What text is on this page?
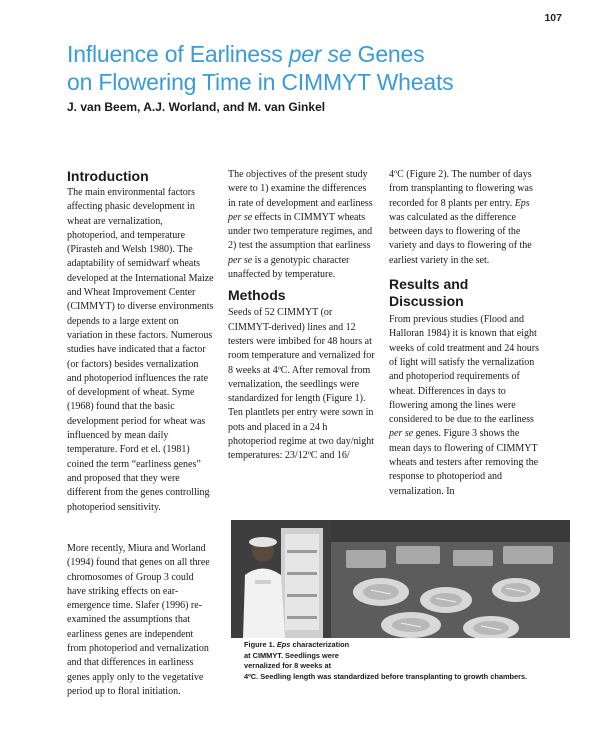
107
Influence of Earliness per se Genes
on Flowering Time in CIMMYT Wheats
J. van Beem, A.J. Worland, and M. van Ginkel
Introduction

The main environmental factors affecting phasic development in wheat are vernalization, photoperiod, and temperature (Pirasteh and Welsh 1980). The adaptability of semidwarf wheats developed at the International Maize and Wheat Improvement Center (CIMMYT) to diverse environments depends to a large extent on variation in these factors. Numerous studies have indicated that a factor (or factors) besides vernalization and photoperiod influences the rate of development of wheat. Syme (1968) found that the basic development period for wheat was influenced by mean daily temperature. Ford et el. (1981) coined the term “earliness genes” and proposed that they were different from the genes controlling photoperiod sensitivity.

More recently, Miura and Worland (1994) found that genes on all three chromosomes of Group 3 could have striking effects on ear-emergence time. Slafer (1996) re-examined the assumptions that earliness genes are independent from photoperiod and vernalization and that differences in earliness genes apply only to the vegetative period up to floral initiation.

The objectives of the present study were to 1) examine the differences in rate of development and earliness per se effects in CIMMYT wheats under two temperature regimes, and 2) test the assumption that earliness per se is a genotypic character unaffected by temperature.

Methods

Seeds of 52 CIMMYT (or CIMMYT-derived) lines and 12 testers were imbibed for 48 hours at room temperature and vernalized for 8 weeks at 4ºC. After removal from vernalization, the seedlings were standardized for length (Figure 1). Ten plantlets per entry were sown in pots and placed in a 24 h photoperiod regime at two day/night temperatures: 23/12ºC and 16/

4ºC (Figure 2). The number of days from transplanting to flowering was recorded for 8 plants per entry. Eps was calculated as the difference between days to flowering of the variety and days to flowering of the earliest variety in the set.

Results and Discussion

From previous studies (Flood and Halloran 1984) it is known that eight weeks of cold treatment and 24 hours of light will satisfy the vernalization and photoperiod requirements of wheat. Differences in days to flowering among the lines were considered to be due to the earliness per se genes. Figure 3 shows the mean days to flowering of CIMMYT wheats and testers after removing the response to photoperiod and vernalization. In

Figure 1. Eps characterization
at CIMMYT. Seedlings were
vernalized for 8 weeks at
4ºC. Seedling length was standardized before transplanting to growth chambers.
